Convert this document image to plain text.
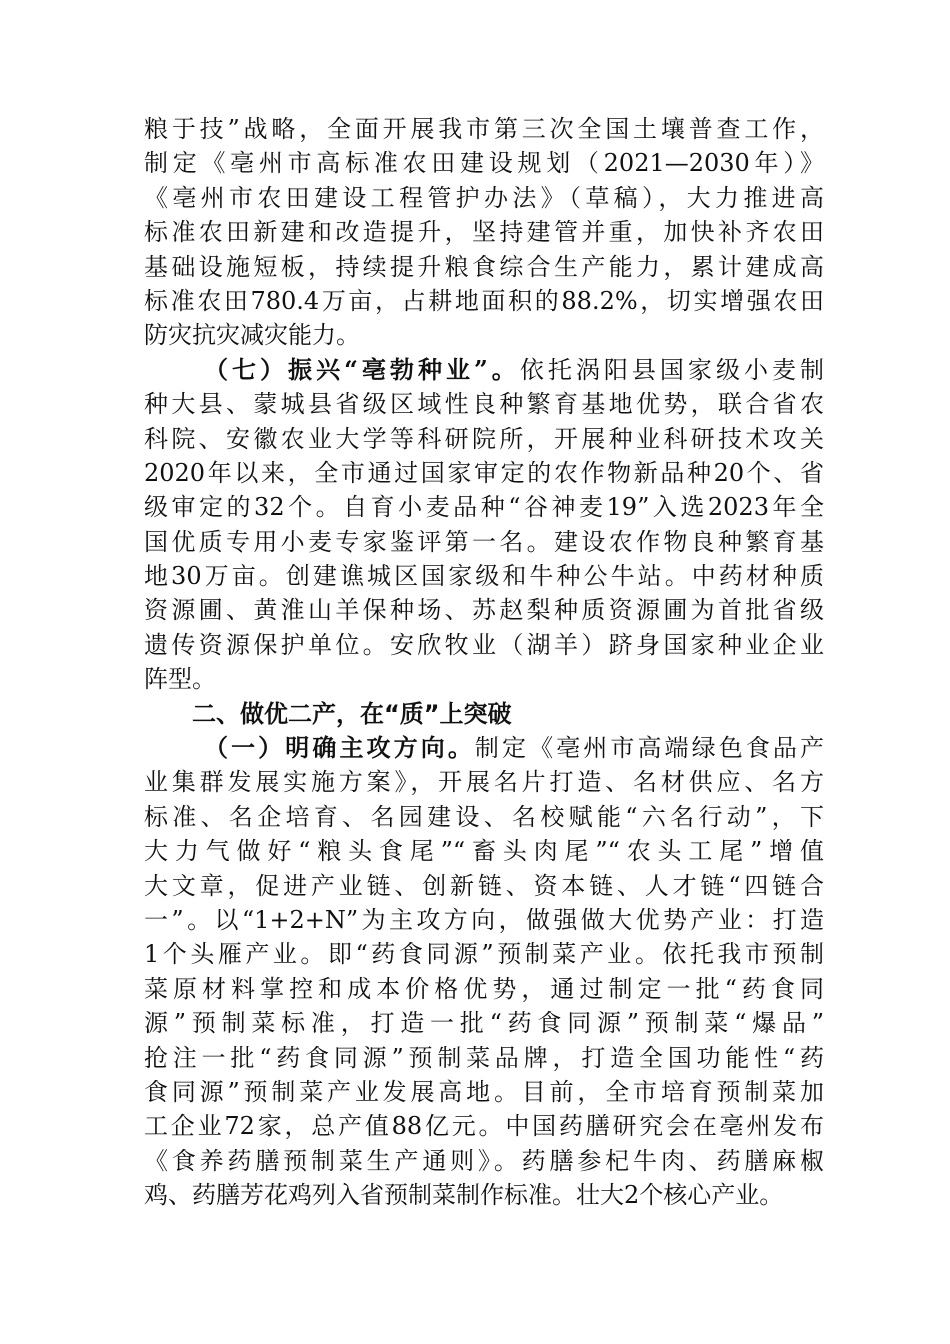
粮于技”战略，全面开展我市第三次全国土壤普查工作，
制定《亳州市高标准农田建设规划（2021—2030年）》
《亳州市农田建设工程管护办法》（草稿），大力推进高
标准农田新建和改造提升，坚持建管并重，加快补齐农田
基础设施短板，持续提升粮食综合生产能力，累计建成高
标准农田780.4万亩，占耕地面积的88.2%，切实增强农田
防灾抗灾减灾能力。
（七）振兴“亳勃种业”。依托涡阳县国家级小麦制
种大县、蒙城县省级区域性良种繁育基地优势，联合省农
科院、安徽农业大学等科研院所，开展种业科研技术攻关
2020年以来，全市通过国家审定的农作物新品种20个、省
级审定的32个。自育小麦品种“谷神麦19”入选2023年全
国优质专用小麦专家鉴评第一名。建设农作物良种繁育基
地30万亩。创建谯城区国家级和牛种公牛站。中药材种质
资源圃、黄淮山羊保种场、苏赵梨种质资源圃为首批省级
遗传资源保护单位。安欣牧业（湖羊）跻身国家种业企业
阵型。
二、做优二产，在“质”上突破
（一）明确主攻方向。制定《亳州市高端绿色食品产
业集群发展实施方案》，开展名片打造、名材供应、名方
标准、名企培育、名园建设、名校赋能“六名行动”，下
大力气做好“粮头食尾”“畜头肉尾”“农头工尾”增值
大文章，促进产业链、创新链、资本链、人才链“四链合
一”。以“1+2+N”为主攻方向，做强做大优势产业：打造
1个头雁产业。即“药食同源”预制菜产业。依托我市预制
菜原材料掌控和成本价格优势，通过制定一批“药食同
源”预制菜标准，打造一批“药食同源”预制菜“爆品”
抢注一批“药食同源”预制菜品牌，打造全国功能性“药
食同源”预制菜产业发展高地。目前，全市培育预制菜加
工企业72家，总产值88亿元。中国药膳研究会在亳州发布
《食养药膳预制菜生产通则》。药膳参杞牛肉、药膳麻椒
鸡、药膳芳花鸡列入省预制菜制作标准。壮大2个核心产业。
